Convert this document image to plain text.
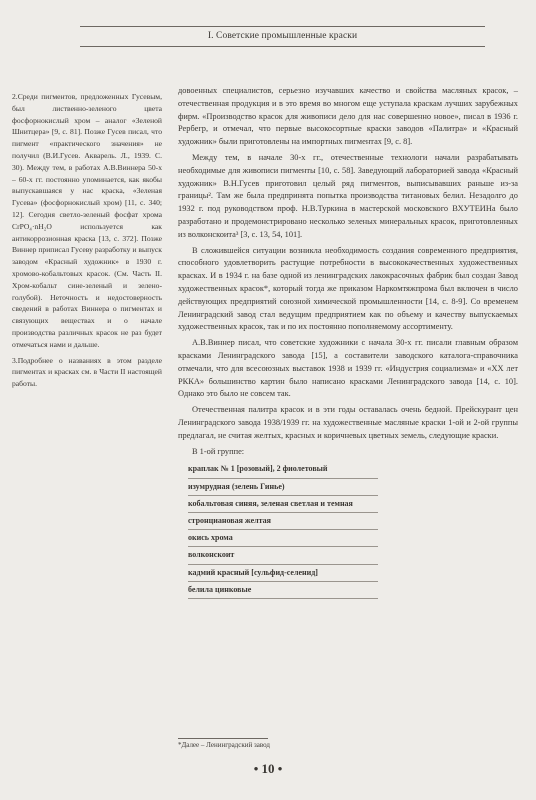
I. Советские промышленные краски

2.Среди пигментов, предложенных Гусевым, был лиственно-зеленого цвета фосфорнокислый хром – аналог «Зеленой Шнитцера» [9, с. 81]. Позже Гусев писал, что пигмент «практического значения» не получил (В.И.Гусев. Акварель. Л., 1939. С. 30). Между тем, в работах А.В.Виннера 50-х – 60-х гг. постоянно упоминается, как якобы выпускавшаяся у нас краска, «Зеленая Гусева» (фосфорнокислый хром) [11, с. 340; 12]. Сегодня светло-зеленый фосфат хрома CrPO₄·nH₂O используется как антикоррозионная краска [13, с. 372]. Позже Виннер приписал Гусеву разработку и выпуск заводом «Красный художник» в 1930 г. хромово-кобальтовых красок. (См. Часть II. Хром-кобальт сине-зеленый и зелено-голубой). Неточность и недостоверность сведений в работах Виннера о пигментах и связующих веществах и о начале производства различных красок не раз будет отмечаться нами и дальше.

3.Подробнее о названиях в этом разделе пигментах и красках см. в Части II настоящей работы.

довоенных специалистов, серьезно изучавших качество и свойства масляных красок, – отечественная продукция и в это время во многом еще уступала краскам лучших зарубежных фирм. «Производство красок для живописи дело для нас совершенно новое», писал в 1936 г. Рербегр, и отмечал, что первые высокосортные краски заводов «Палитра» и «Красный художник» были приготовлены на импортных пигментах [9, с. 8].

Между тем, в начале 30-х гг., отечественные технологи начали разрабатывать необходимые для живописи пигменты [10, с. 58]. Заведующий лабораторией завода «Красный художник» В.Н.Гусев приготовил целый ряд пигментов, выписывавших раньше из-за границы². Там же была предпринята попытка производства титановых белил. Незадолго до 1932 г. под руководством проф. Н.В.Туркина в мастерской московского ВХУТЕИНа было разработано и продемонстрировано несколько зеленых минеральных красок, приготовленных из волконскоита³ [3, с. 13, 54, 101].

В сложившейся ситуации возникла необходимость создания современного предприятия, способного удовлетворить растущие потребности в высококачественных художественных красках. И в 1934 г. на базе одной из ленинградских лакокрасочных фабрик был создан Завод художественных красок*, который тогда же приказом Наркомтяжпрома был включен в число действующих предприятий союзной химической промышленности [14, с. 8-9]. Со временем Ленинградский завод стал ведущим предприятием как по объему и качеству выпускаемых художественных красок, так и по их постоянно пополняемому ассортименту.

А.В.Виннер писал, что советские художники с начала 30-х гг. писали главным образом красками Ленинградского завода [15], а составители заводского каталога-справочника отмечали, что для всесоюзных выставок 1938 и 1939 гг. «Индустрия социализма» и «XX лет РККА» большинство картин было написано красками Ленинградского завода [14, с. 10]. Однако это было не совсем так.

Отечественная палитра красок и в эти годы оставалась очень бедной. Прейскурант цен Ленинградского завода 1938/1939 гг. на художественные масляные краски 1-ой и 2-ой группы предлагал, не считая желтых, красных и коричневых цветных земель, следующие краски.

В 1-ой группе:

краплак № 1 [розовый], 2 фиолетовый
изумрудная (зелень Гинье)
кобальтовая синяя, зеленая светлая и темная
стронциановая желтая
окись хрома
волконскоит
кадмий красный [сульфид-селенид]
белила цинковые
*Далее – Ленинградский завод
• 10 •
